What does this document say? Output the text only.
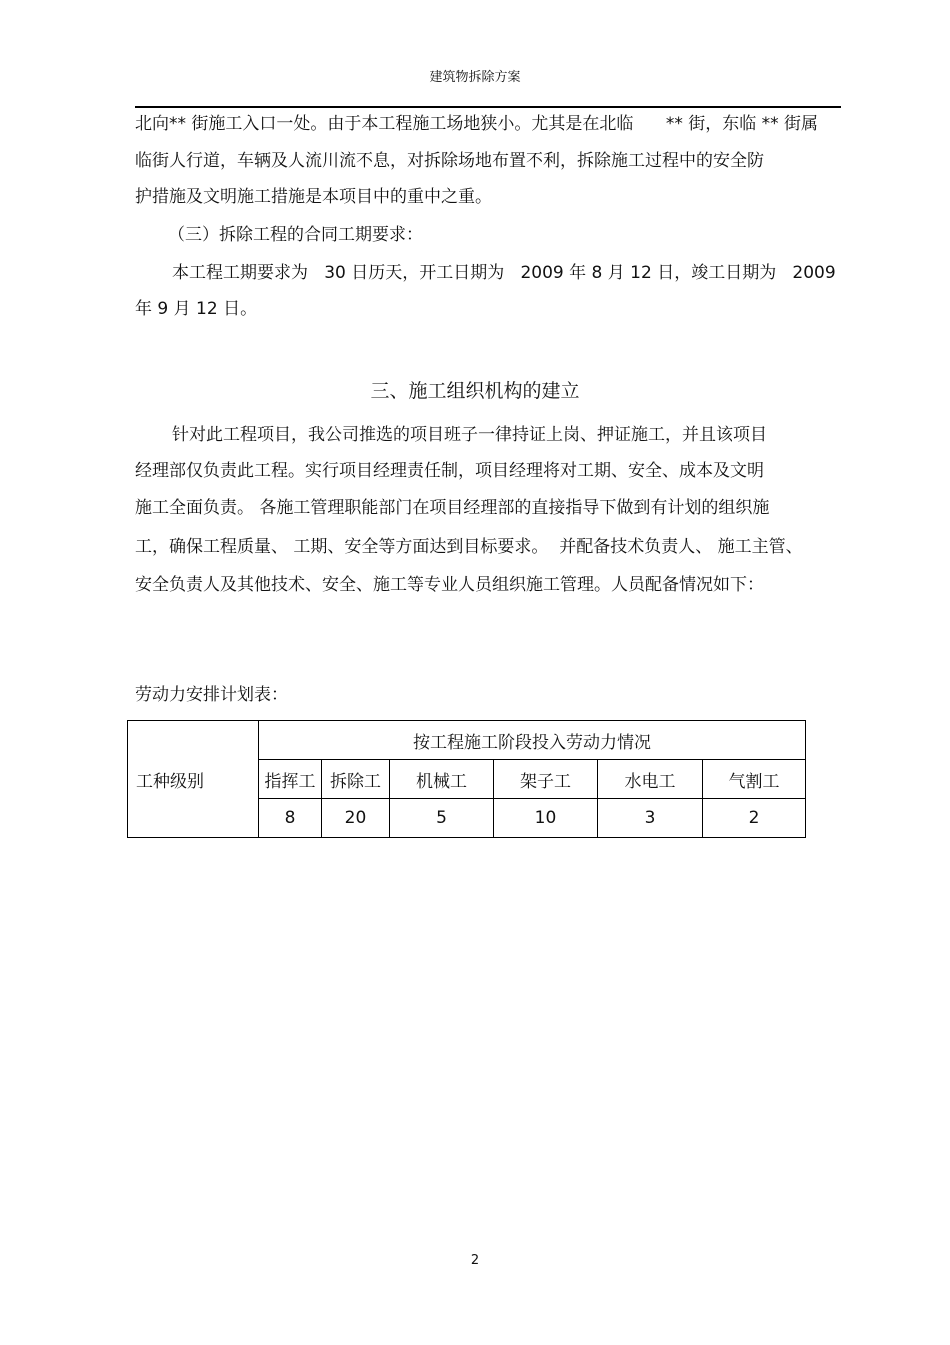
建筑物拆除方案
北向** 街施工入口一处。由于本工程施工场地狭小。尤其是在北临      ** 街，东临 ** 街属
临街人行道，车辆及人流川流不息，对拆除场地布置不利，拆除施工过程中的安全防
护措施及文明施工措施是本项目中的重中之重。
（三）拆除工程的合同工期要求：
本工程工期要求为   30 日历天，开工日期为   2009 年 8 月 12 日，竣工日期为   2009
年 9 月 12 日。
三、施工组织机构的建立
针对此工程项目，我公司推选的项目班子一律持证上岗、押证施工，并且该项目
经理部仅负责此工程。实行项目经理责任制，项目经理将对工期、安全、成本及文明
施工全面负责。 各施工管理职能部门在项目经理部的直接指导下做到有计划的组织施
工，确保工程质量、 工期、安全等方面达到目标要求。  并配备技术负责人、 施工主管、
安全负责人及其他技术、安全、施工等专业人员组织施工管理。人员配备情况如下：
劳动力安排计划表：
工种级别	按工程施工阶段投入劳动力情况					
	指挥工	拆除工	机械工	架子工	水电工	气割工
	8	20	5	10	3	2
2
